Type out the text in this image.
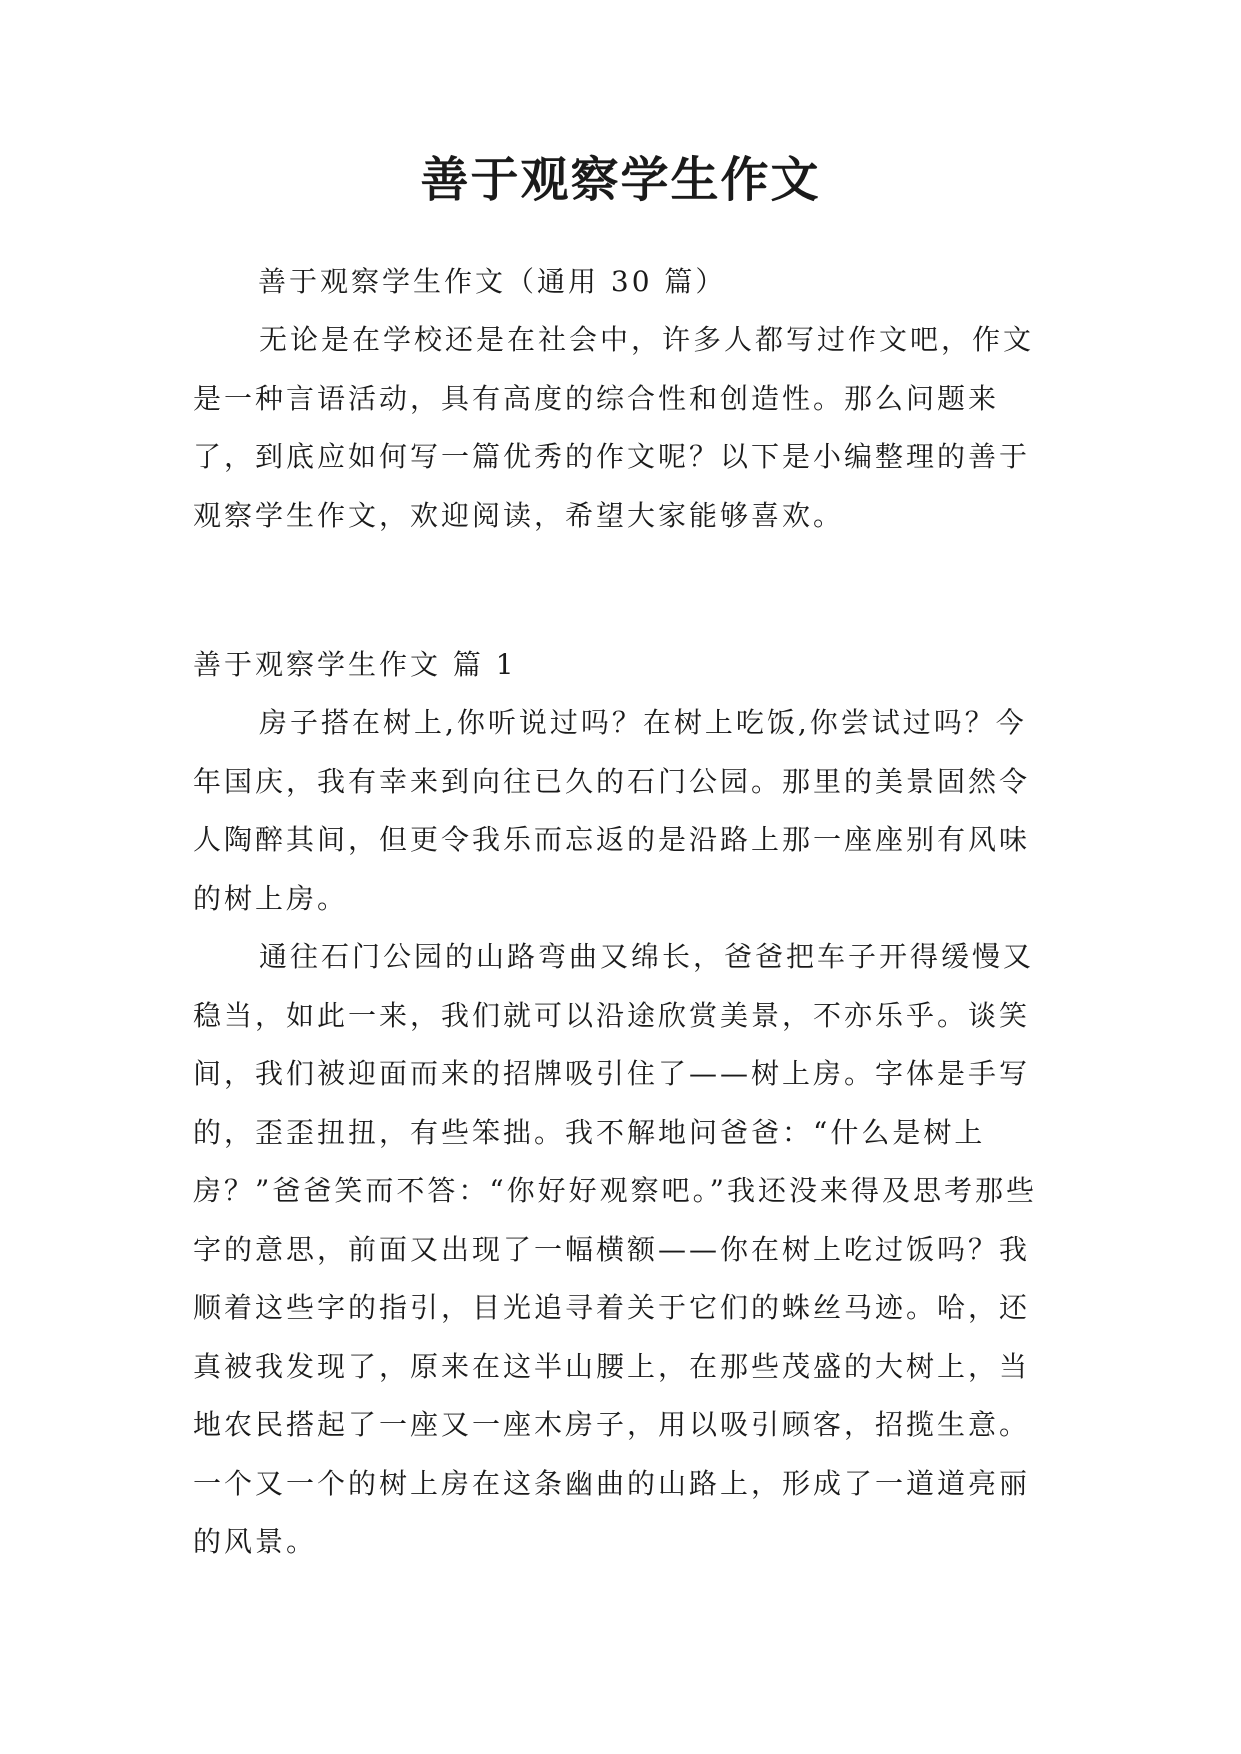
善于观察学生作文
善于观察学生作文（通用 30 篇）

无论是在学校还是在社会中，许多人都写过作文吧，作文是一种言语活动，具有高度的综合性和创造性。那么问题来了，到底应如何写一篇优秀的作文呢？以下是小编整理的善于观察学生作文，欢迎阅读，希望大家能够喜欢。

善于观察学生作文 篇 1

房子搭在树上,你听说过吗？在树上吃饭,你尝试过吗？今年国庆，我有幸来到向往已久的石门公园。那里的美景固然令人陶醉其间，但更令我乐而忘返的是沿路上那一座座别有风味的树上房。

通往石门公园的山路弯曲又绵长，爸爸把车子开得缓慢又稳当，如此一来，我们就可以沿途欣赏美景，不亦乐乎。谈笑间，我们被迎面而来的招牌吸引住了——树上房。字体是手写的，歪歪扭扭，有些笨拙。我不解地问爸爸：“什么是树上房？”爸爸笑而不答：“你好好观察吧。”我还没来得及思考那些字的意思，前面又出现了一幅横额——你在树上吃过饭吗？我顺着这些字的指引，目光追寻着关于它们的蛛丝马迹。哈，还真被我发现了，原来在这半山腰上，在那些茂盛的大树上，当地农民搭起了一座又一座木房子，用以吸引顾客，招揽生意。一个又一个的树上房在这条幽曲的山路上，形成了一道道亮丽的风景。
